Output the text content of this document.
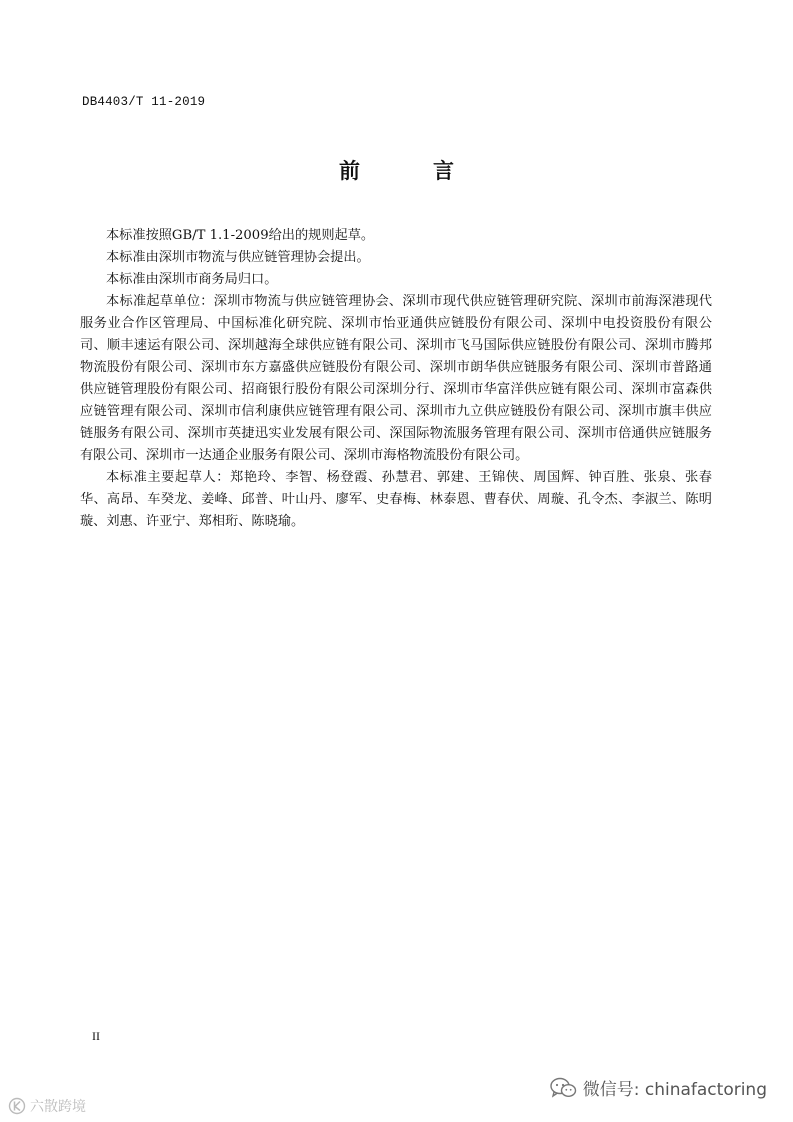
DB4403/T 11-2019
前　言

本标准按照GB/T 1.1-2009给出的规则起草。

本标准由深圳市物流与供应链管理协会提出。

本标准由深圳市商务局归口。

本标准起草单位：深圳市物流与供应链管理协会、深圳市现代供应链管理研究院、深圳市前海深港现代服务业合作区管理局、中国标准化研究院、深圳市怡亚通供应链股份有限公司、深圳中电投资股份有限公司、顺丰速运有限公司、深圳越海全球供应链有限公司、深圳市飞马国际供应链股份有限公司、深圳市腾邦物流股份有限公司、深圳市东方嘉盛供应链股份有限公司、深圳市朗华供应链服务有限公司、深圳市普路通供应链管理股份有限公司、招商银行股份有限公司深圳分行、深圳市华富洋供应链有限公司、深圳市富森供应链管理有限公司、深圳市信利康供应链管理有限公司、深圳市九立供应链股份有限公司、深圳市旗丰供应链服务有限公司、深圳市英捷迅实业发展有限公司、深国际物流服务管理有限公司、深圳市倍通供应链服务有限公司、深圳市一达通企业服务有限公司、深圳市海格物流股份有限公司。

本标准主要起草人：郑艳玲、李智、杨登霞、孙慧君、郭建、王锦侠、周国辉、钟百胜、张泉、张春华、高昂、车癸龙、姜峰、邱普、叶山丹、廖军、史春梅、林泰恩、曹春伏、周璇、孔令杰、李淑兰、陈明璇、刘惠、许亚宁、郑相珩、陈晓瑜。

II
微信号: chinafactoring
六散跨境
